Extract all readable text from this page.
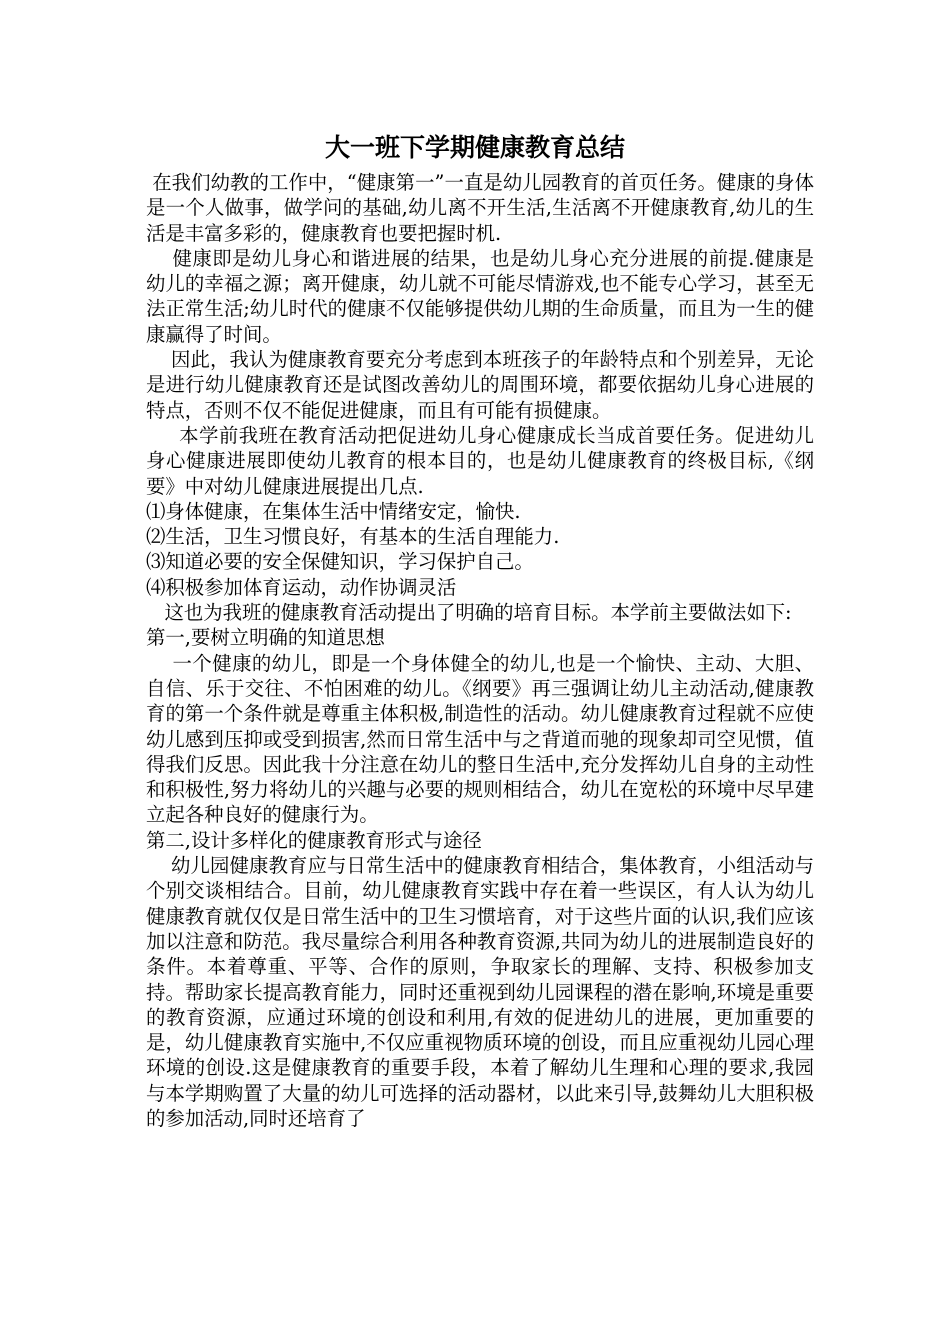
大一班下学期健康教育总结

在我们幼教的工作中，“健康第一”一直是幼儿园教育的首页任务。健康的身体是一个人做事，做学问的基础,幼儿离不开生活,生活离不开健康教育,幼儿的生活是丰富多彩的，健康教育也要把握时机.

健康即是幼儿身心和谐进展的结果，也是幼儿身心充分进展的前提.健康是幼儿的幸福之源；离开健康，幼儿就不可能尽情游戏,也不能专心学习，甚至无法正常生活;幼儿时代的健康不仅能够提供幼儿期的生命质量，而且为一生的健康赢得了时间。

因此，我认为健康教育要充分考虑到本班孩子的年龄特点和个别差异，无论是进行幼儿健康教育还是试图改善幼儿的周围环境，都要依据幼儿身心进展的特点，否则不仅不能促进健康，而且有可能有损健康。

本学前我班在教育活动把促进幼儿身心健康成长当成首要任务。促进幼儿身心健康进展即使幼儿教育的根本目的，也是幼儿健康教育的终极目标,《纲要》中对幼儿健康进展提出几点.

⑴身体健康，在集体生活中情绪安定，愉快.

⑵生活，卫生习惯良好，有基本的生活自理能力.

⑶知道必要的安全保健知识，学习保护自己。

⑷积极参加体育运动，动作协调灵活

这也为我班的健康教育活动提出了明确的培育目标。本学前主要做法如下:

第一,要树立明确的知道思想

一个健康的幼儿，即是一个身体健全的幼儿,也是一个愉快、主动、大胆、自信、乐于交往、不怕困难的幼儿。《纲要》再三强调让幼儿主动活动,健康教育的第一个条件就是尊重主体积极,制造性的活动。幼儿健康教育过程就不应使幼儿感到压抑或受到损害,然而日常生活中与之背道而驰的现象却司空见惯，值得我们反思。因此我十分注意在幼儿的整日生活中,充分发挥幼儿自身的主动性和积极性,努力将幼儿的兴趣与必要的规则相结合，幼儿在宽松的环境中尽早建立起各种良好的健康行为。

第二,设计多样化的健康教育形式与途径

幼儿园健康教育应与日常生活中的健康教育相结合，集体教育，小组活动与个别交谈相结合。目前，幼儿健康教育实践中存在着一些误区，有人认为幼儿健康教育就仅仅是日常生活中的卫生习惯培育，对于这些片面的认识,我们应该加以注意和防范。我尽量综合利用各种教育资源,共同为幼儿的进展制造良好的条件。本着尊重、平等、合作的原则，争取家长的理解、支持、积极参加支持。帮助家长提高教育能力，同时还重视到幼儿园课程的潜在影响,环境是重要的教育资源，应通过环境的创设和利用,有效的促进幼儿的进展，更加重要的是，幼儿健康教育实施中,不仅应重视物质环境的创设，而且应重视幼儿园心理环境的创设.这是健康教育的重要手段，本着了解幼儿生理和心理的要求,我园与本学期购置了大量的幼儿可选择的活动器材，以此来引导,鼓舞幼儿大胆积极的参加活动,同时还培育了
